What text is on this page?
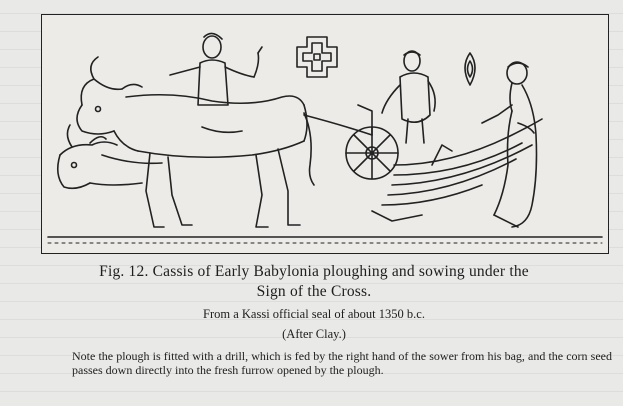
Fig. 12. Cassis of Early Babylonia ploughing and sowing under the
Sign of the Cross.
From a Kassi official seal of about 1350 b.c.
(After Clay.)
Note the plough is fitted with a drill, which is fed by the right hand of the sower from his bag, and the corn seed passes down directly into the fresh furrow opened by the plough.
